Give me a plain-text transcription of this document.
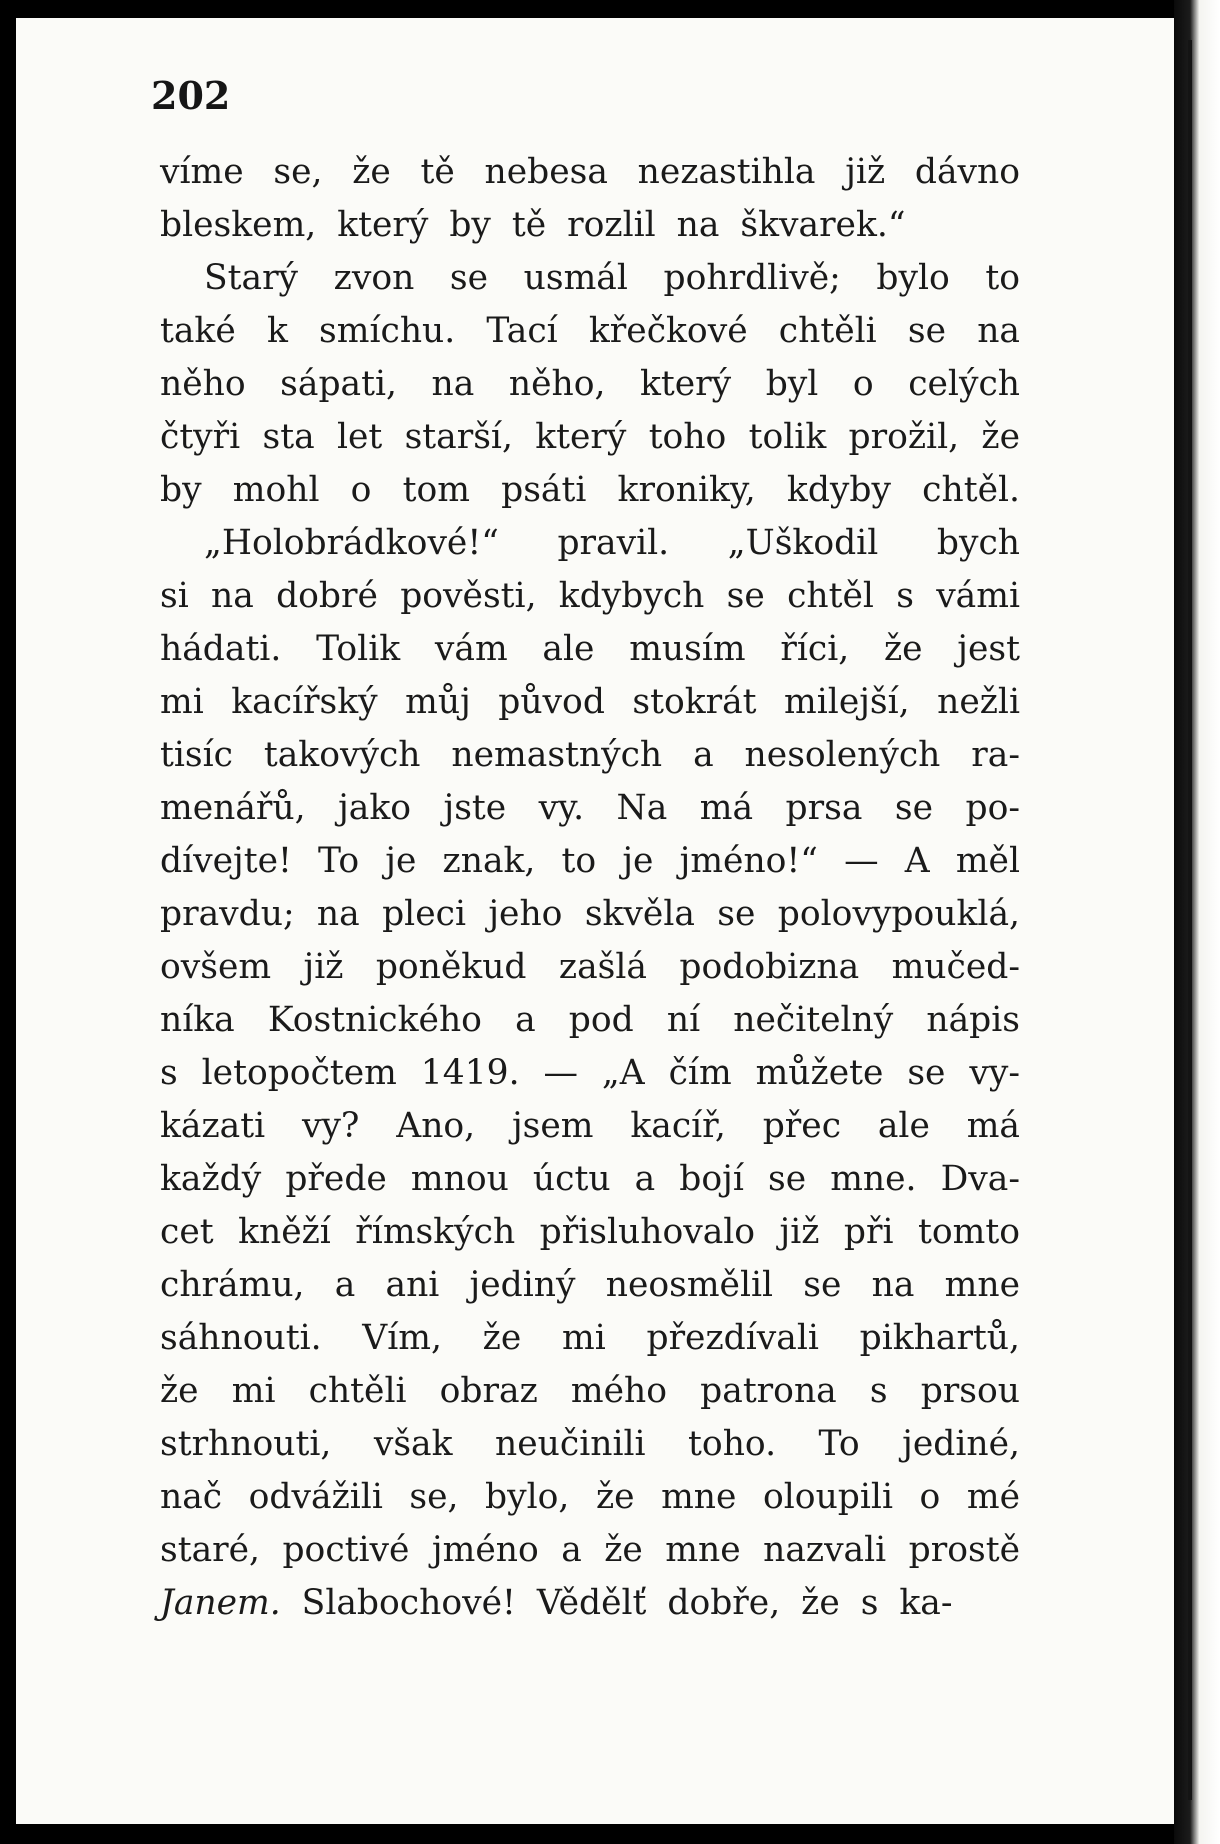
202
víme se, že tě nebesa nezastihla již dávno
bleskem, který by tě rozlil na škvarek.“
Starý zvon se usmál pohrdlivě; bylo to
také k smíchu. Tací křečkové chtěli se na
něho sápati, na něho, který byl o celých
čtyři sta let starší, který toho tolik prožil, že
by mohl o tom psáti kroniky, kdyby chtěl.
„Holobrádkové!“ pravil. „Uškodil bych
si na dobré pověsti, kdybych se chtěl s vámi
hádati. Tolik vám ale musím říci, že jest
mi kacířský můj původ stokrát milejší, nežli
tisíc takových nemastných a nesolených ra-
menářů, jako jste vy. Na má prsa se po-
dívejte! To je znak, to je jméno!“ — A měl
pravdu; na pleci jeho skvěla se polovypouklá,
ovšem již poněkud zašlá podobizna mučed-
níka Kostnického a pod ní nečitelný nápis
s letopočtem 1419. — „A čím můžete se vy-
kázati vy? Ano, jsem kacíř, přec ale má
každý přede mnou úctu a bojí se mne. Dva-
cet kněží římských přisluhovalo již při tomto
chrámu, a ani jediný neosmělil se na mne
sáhnouti. Vím, že mi přezdívali pikhartů,
že mi chtěli obraz mého patrona s prsou
strhnouti, však neučinili toho. To jediné,
nač odvážili se, bylo, že mne oloupili o mé
staré, poctivé jméno a že mne nazvali prostě
Janem. Slabochové! Vědělť dobře, že s ka-
